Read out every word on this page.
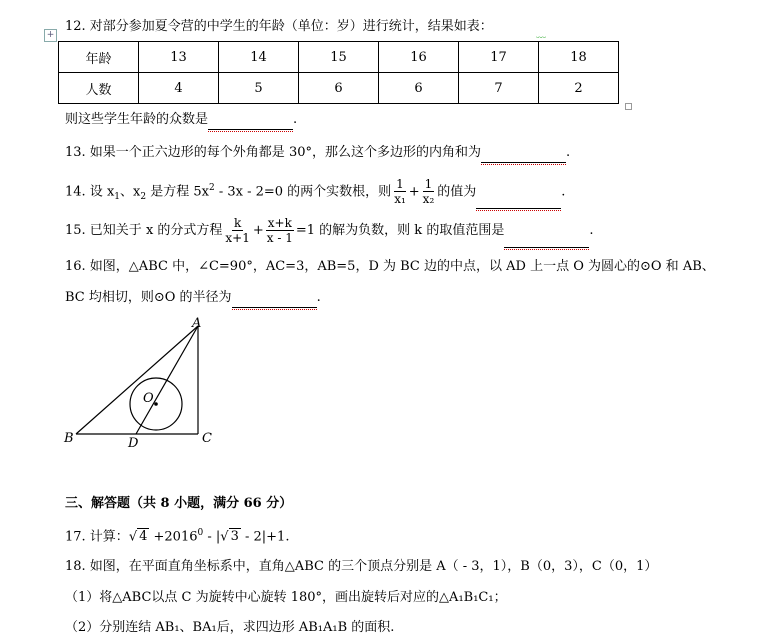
+
12. 对部分参加夏令营的中学生的年龄（单位：岁）进行统计，结果如表：
﹏
年龄	13	14	15	16	17	18
人数	4	5	6	6	7	2
则这些学生年龄的众数是	.
13. 如果一个正六边形的每个外角都是 30°，那么这个多边形的内角和为	.
14. 设 $x_1$、$x_2$ 是方程 $5x^2 - 3x - 2=0$ 的两个实数根，则 $\frac{1}{\text{x₁}} + \frac{1}{\text{x₂}}$ 的值为	.
15. 已知关于 x 的分式方程 $\frac{k}{x+1} + \frac{x+k}{x - 1} =1$ 的解为负数，则 k 的取值范围是	.
16. 如图，△ABC 中，∠C=90°，AC=3，AB=5，D 为 BC 边的中点，以 AD 上一点 O 为圆心的⊙O 和 AB、
BC 均相切，则⊙O 的半径为	.
A
B	C
D
O
三、解答题（共 8 小题，满分 66 分）
17. 计算：√ $4 +2016^0$ - |√ 3 - 2|+1.
18. 如图，在平面直角坐标系中，直角△ABC 的三个顶点分别是 A（ - 3，1），B（0，3），C（0，1）
（1）将△ABC以点 C 为旋转中心旋转 180°，画出旋转后对应的△A₁B₁C₁；
（2）分别连结 AB₁、BA₁后，求四边形 AB₁A₁B 的面积.
